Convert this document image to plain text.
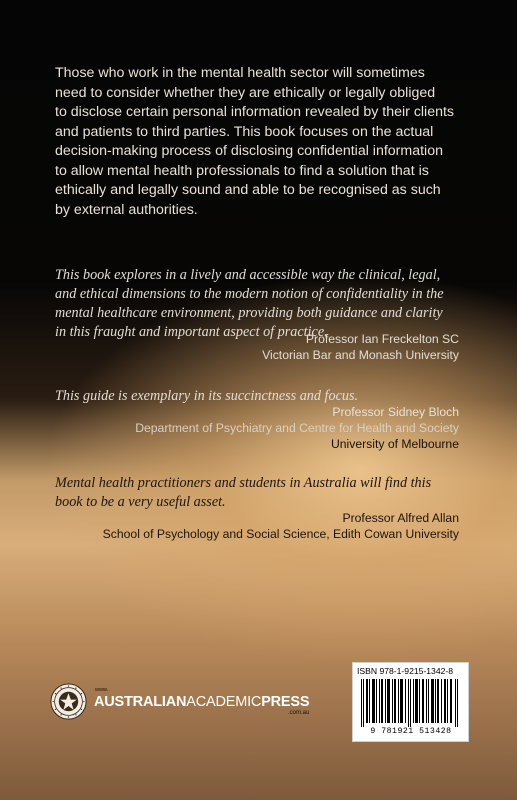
Those who work in the mental health sector will sometimes
need to consider whether they are ethically or legally obliged
to disclose certain personal information revealed by their clients
and patients to third parties. This book focuses on the actual
decision-making process of disclosing confidential information
to allow mental health professionals to find a solution that is
ethically and legally sound and able to be recognised as such
by external authorities.
This book explores in a lively and accessible way the clinical, legal,
and ethical dimensions to the modern notion of confidentiality in the
mental healthcare environment, providing both guidance and clarity
in this fraught and important aspect of practice.
Professor Ian Freckelton SC
Victorian Bar and Monash University
This guide is exemplary in its succinctness and focus.
Professor Sidney Bloch
Department of Psychiatry and Centre for Health and Society
University of Melbourne
Mental health practitioners and students in Australia will find this
book to be a very useful asset.
Professor Alfred Allan
School of Psychology and Social Science, Edith Cowan University
www.
AUSTRALIANACADEMICPRESS
.com.au
ISBN 978-1-9215-1342-8
9 781921 513428
